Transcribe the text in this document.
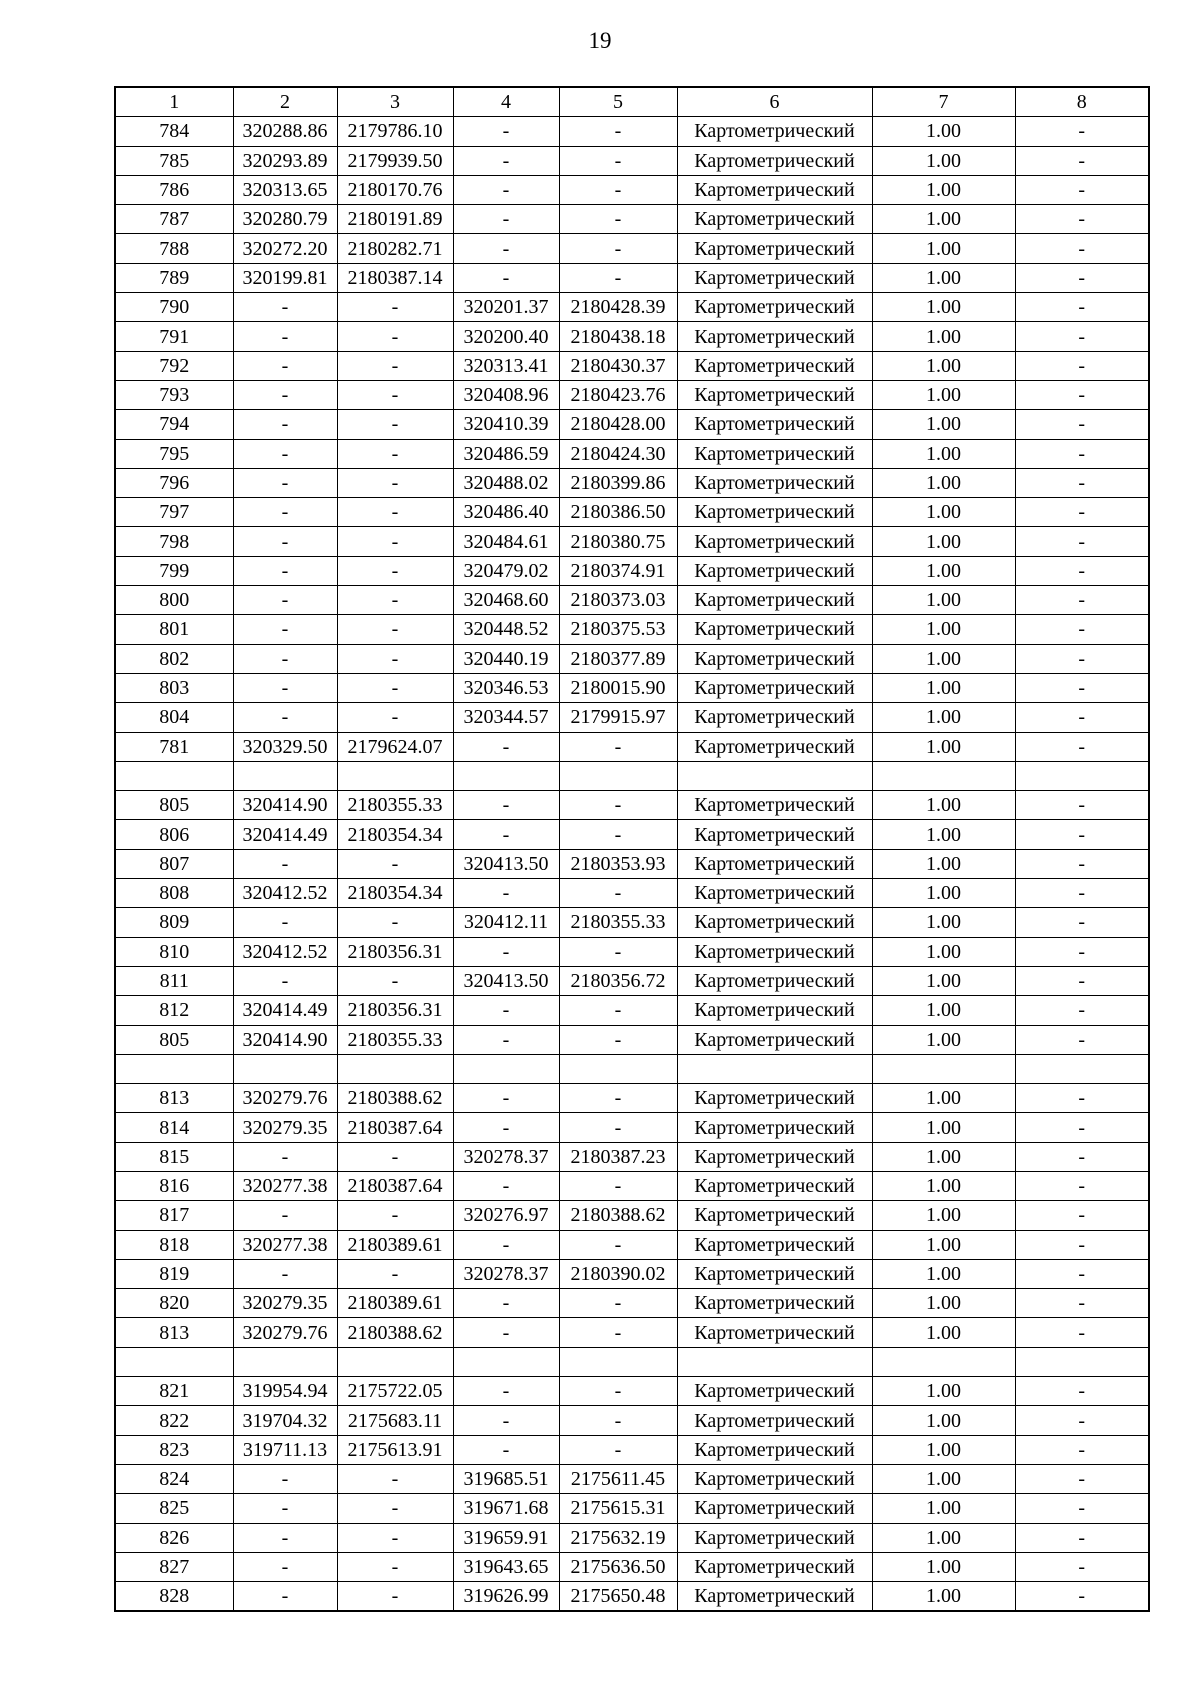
19
1	2	3	4	5	6	7	8
784	320288.86	2179786.10	-	-	Картометрический	1.00	-
785	320293.89	2179939.50	-	-	Картометрический	1.00	-
786	320313.65	2180170.76	-	-	Картометрический	1.00	-
787	320280.79	2180191.89	-	-	Картометрический	1.00	-
788	320272.20	2180282.71	-	-	Картометрический	1.00	-
789	320199.81	2180387.14	-	-	Картометрический	1.00	-
790	-	-	320201.37	2180428.39	Картометрический	1.00	-
791	-	-	320200.40	2180438.18	Картометрический	1.00	-
792	-	-	320313.41	2180430.37	Картометрический	1.00	-
793	-	-	320408.96	2180423.76	Картометрический	1.00	-
794	-	-	320410.39	2180428.00	Картометрический	1.00	-
795	-	-	320486.59	2180424.30	Картометрический	1.00	-
796	-	-	320488.02	2180399.86	Картометрический	1.00	-
797	-	-	320486.40	2180386.50	Картометрический	1.00	-
798	-	-	320484.61	2180380.75	Картометрический	1.00	-
799	-	-	320479.02	2180374.91	Картометрический	1.00	-
800	-	-	320468.60	2180373.03	Картометрический	1.00	-
801	-	-	320448.52	2180375.53	Картометрический	1.00	-
802	-	-	320440.19	2180377.89	Картометрический	1.00	-
803	-	-	320346.53	2180015.90	Картометрический	1.00	-
804	-	-	320344.57	2179915.97	Картометрический	1.00	-
781	320329.50	2179624.07	-	-	Картометрический	1.00	-

805	320414.90	2180355.33	-	-	Картометрический	1.00	-
806	320414.49	2180354.34	-	-	Картометрический	1.00	-
807	-	-	320413.50	2180353.93	Картометрический	1.00	-
808	320412.52	2180354.34	-	-	Картометрический	1.00	-
809	-	-	320412.11	2180355.33	Картометрический	1.00	-
810	320412.52	2180356.31	-	-	Картометрический	1.00	-
811	-	-	320413.50	2180356.72	Картометрический	1.00	-
812	320414.49	2180356.31	-	-	Картометрический	1.00	-
805	320414.90	2180355.33	-	-	Картометрический	1.00	-

813	320279.76	2180388.62	-	-	Картометрический	1.00	-
814	320279.35	2180387.64	-	-	Картометрический	1.00	-
815	-	-	320278.37	2180387.23	Картометрический	1.00	-
816	320277.38	2180387.64	-	-	Картометрический	1.00	-
817	-	-	320276.97	2180388.62	Картометрический	1.00	-
818	320277.38	2180389.61	-	-	Картометрический	1.00	-
819	-	-	320278.37	2180390.02	Картометрический	1.00	-
820	320279.35	2180389.61	-	-	Картометрический	1.00	-
813	320279.76	2180388.62	-	-	Картометрический	1.00	-

821	319954.94	2175722.05	-	-	Картометрический	1.00	-
822	319704.32	2175683.11	-	-	Картометрический	1.00	-
823	319711.13	2175613.91	-	-	Картометрический	1.00	-
824	-	-	319685.51	2175611.45	Картометрический	1.00	-
825	-	-	319671.68	2175615.31	Картометрический	1.00	-
826	-	-	319659.91	2175632.19	Картометрический	1.00	-
827	-	-	319643.65	2175636.50	Картометрический	1.00	-
828	-	-	319626.99	2175650.48	Картометрический	1.00	-
